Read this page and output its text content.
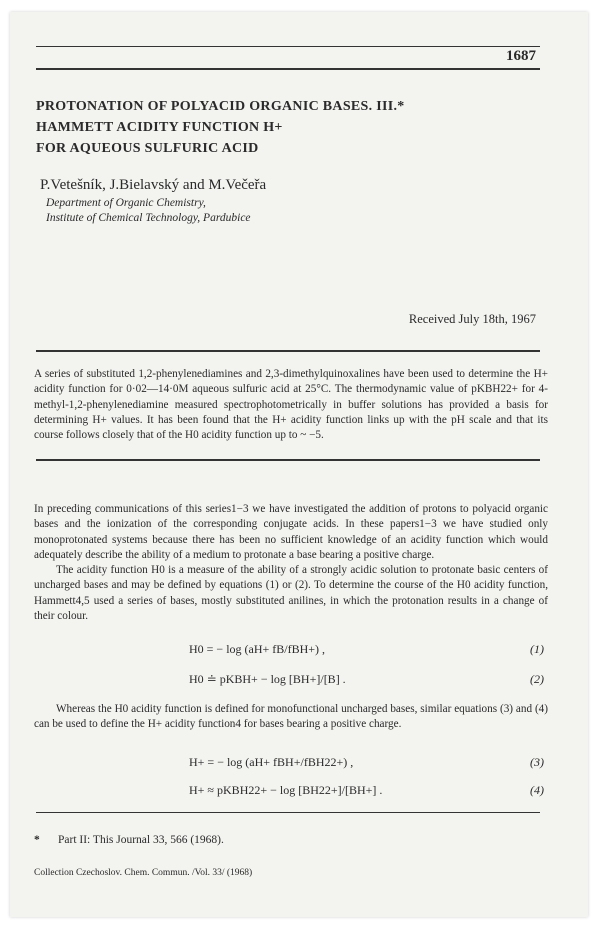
1687
PROTONATION OF POLYACID ORGANIC BASES. III.*
HAMMETT ACIDITY FUNCTION H+
FOR AQUEOUS SULFURIC ACID
P.Vetešník, J.Bielavský and M.Večeřa
Department of Organic Chemistry,
Institute of Chemical Technology, Pardubice
Received July 18th, 1967
A series of substituted 1,2-phenylenediamines and 2,3-dimethylquinoxalines have been used to determine the H+ acidity function for 0·02—14·0M aqueous sulfuric acid at 25°C. The thermodynamic value of pKBH22+ for 4-methyl-1,2-phenylenediamine measured spectrophotometrically in buffer solutions has provided a basis for determining H+ values. It has been found that the H+ acidity function links up with the pH scale and that its course follows closely that of the H0 acidity function up to ~ −5.

In preceding communications of this series1−3 we have investigated the addition of protons to polyacid organic bases and the ionization of the corresponding conjugate acids. In these papers1−3 we have studied only monoprotonated systems because there has been no sufficient knowledge of an acidity function which would adequately describe the ability of a medium to protonate a base bearing a positive charge.

The acidity function H0 is a measure of the ability of a strongly acidic solution to protonate basic centers of uncharged bases and may be defined by equations (1) or (2). To determine the course of the H0 acidity function, Hammett4,5 used a series of bases, mostly substituted anilines, in which the protonation results in a change of their colour.

H0 = − log (aH+ fB/fBH+) ,	(1)
H0 ≐ pKBH+ − log [BH+]/[B] .	(2)

Whereas the H0 acidity function is defined for monofunctional uncharged bases, similar equations (3) and (4) can be used to define the H+ acidity function4 for bases bearing a positive charge.

H+ = − log (aH+ fBH+/fBH22+) ,	(3)
H+ ≈ pKBH22+ − log [BH22+]/[BH+] .	(4)
* Part II: This Journal 33, 566 (1968).
Collection Czechoslov. Chem. Commun. /Vol. 33/ (1968)
